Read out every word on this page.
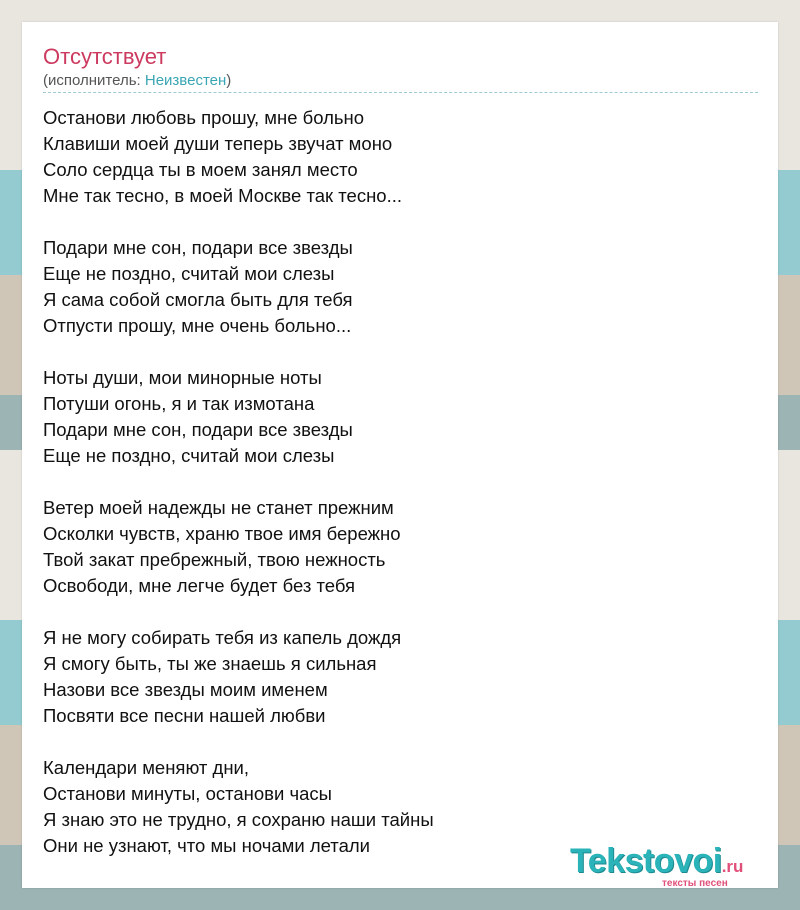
Отсутствует
(исполнитель: Неизвестен)
Останови любовь прошу, мне больно
Клавиши моей души теперь звучат моно
Соло сердца ты в моем занял место
Мне так тесно, в моей Москве так тесно...
Подари мне сон, подари все звезды
Еще не поздно, считай мои слезы
Я сама собой смогла быть для тебя
Отпусти прошу, мне очень больно...
Ноты души, мои минорные ноты
Потуши огонь, я и так измотана
Подари мне сон, подари все звезды
Еще не поздно, считай мои слезы
Ветер моей надежды не станет прежним
Осколки чувств, храню твое имя бережно
Твой закат пребрежный, твою нежность
Освободи, мне легче будет без тебя
Я не могу собирать тебя из капель дождя
Я смогу быть, ты же знаешь я сильная
Назови все звезды моим именем
Посвяти все песни нашей любви
Календари меняют дни,
Останови минуты, останови часы
Я знаю это не трудно, я сохраню наши тайны
Они не узнают, что мы ночами летали	Tekstovoi.ru
тексты песен
